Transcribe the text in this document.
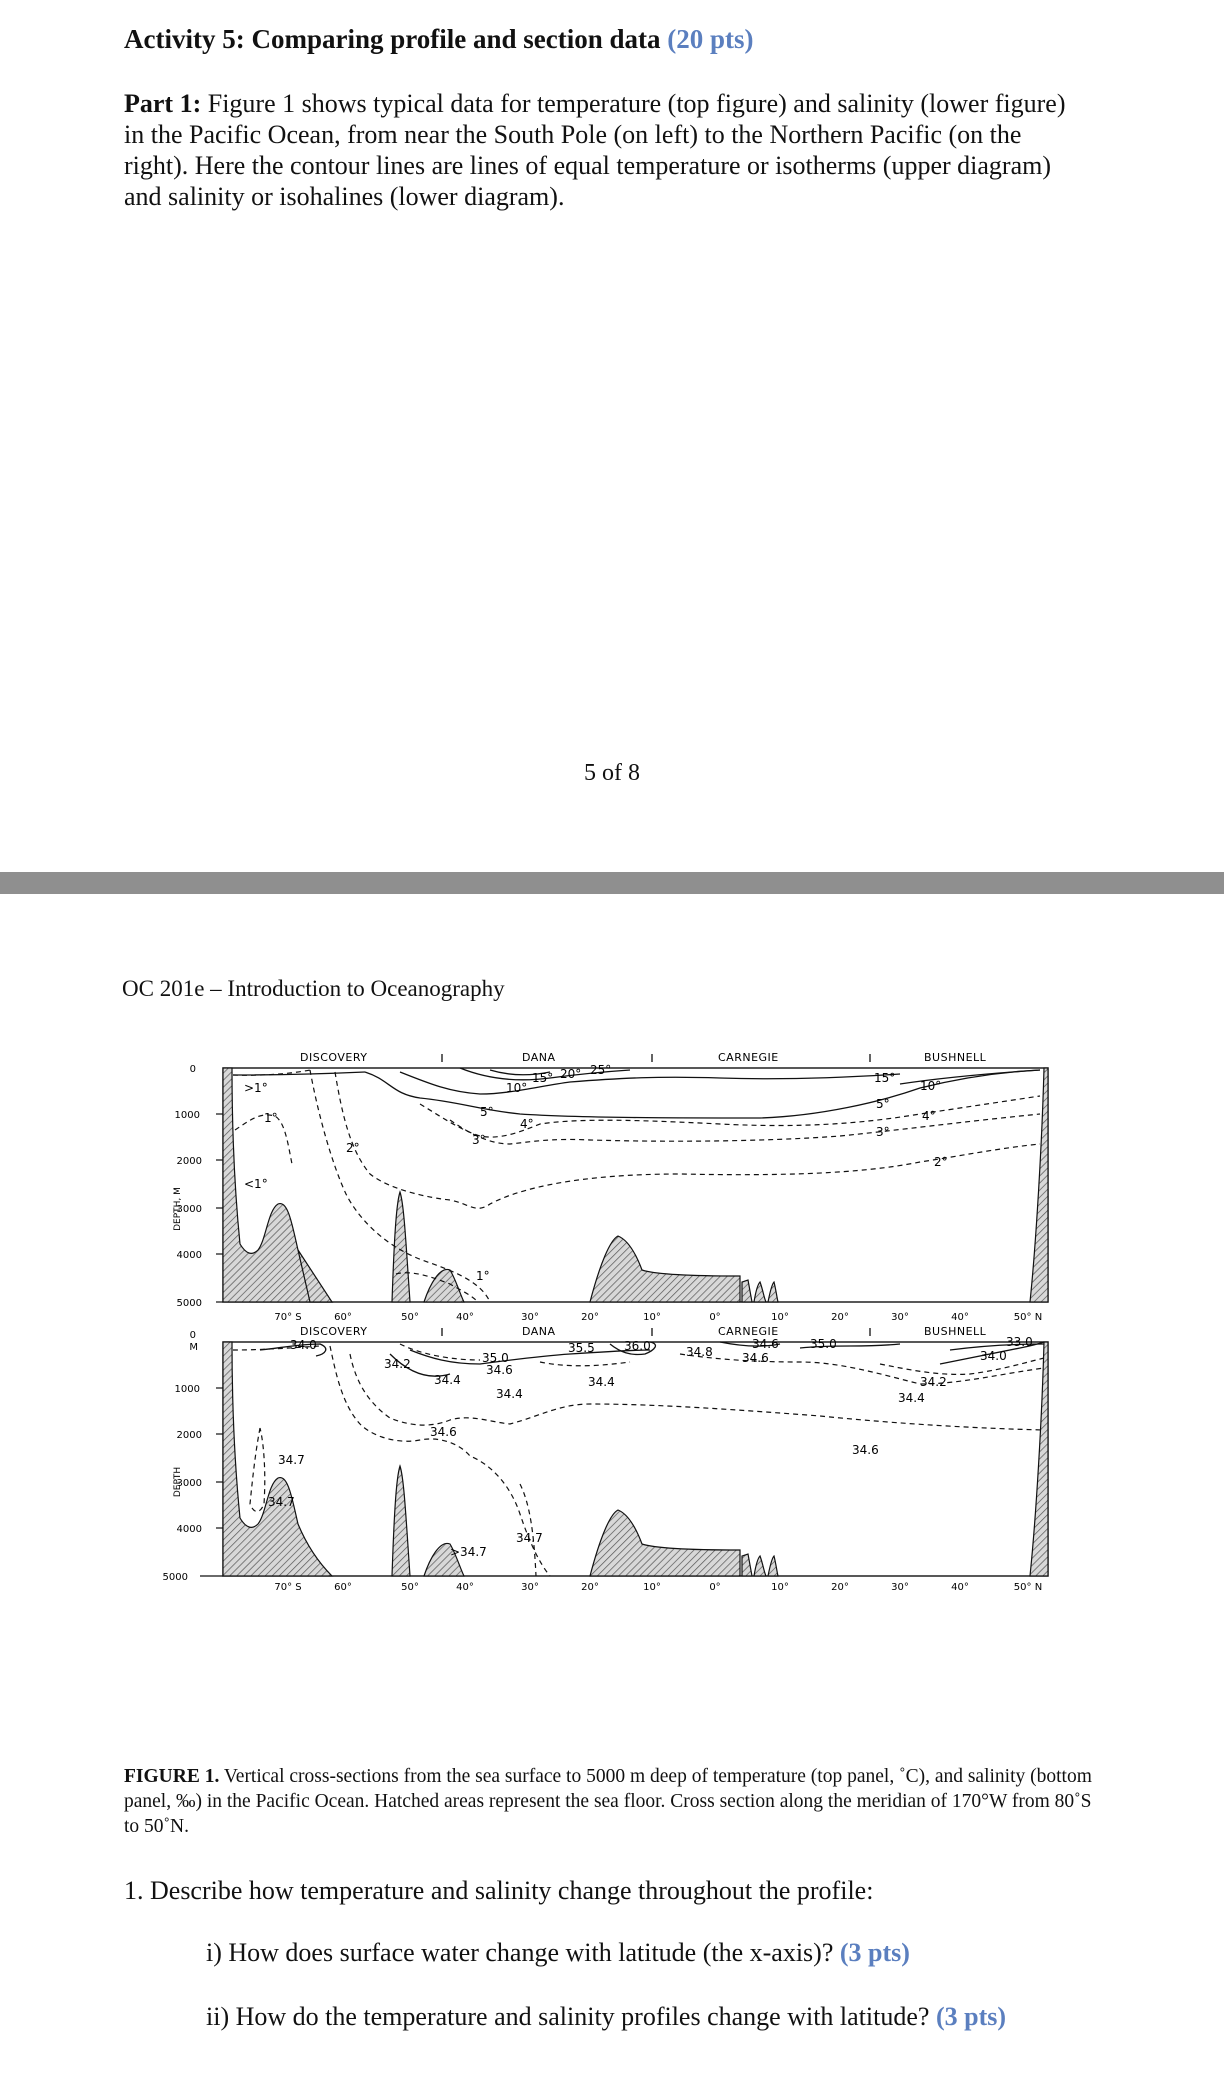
Activity 5: Comparing profile and section data (20 pts)
Part 1: Figure 1 shows typical data for temperature (top figure) and salinity (lower figure) in the Pacific Ocean, from near the South Pole (on left) to the Northern Pacific (on the right). Here the contour lines are lines of equal temperature or isotherms (upper diagram) and salinity or isohalines (lower diagram).
5 of 8
OC 201e – Introduction to Oceanography
DISCOVERY	DANA	CARNEGIE	BUSHNELL
0
1000
2000
3000
4000
5000
DEPTH, M
>1°
1°
<1°
2°
10°
15° 20° 25°
5°
4°
3°
1°
15°
10°
5°
4°
3°
2°
70° S	60°	50°	40°	30°	20°	10°	0°	10°	20°	30°	40°	50° N
DISCOVERY	DANA	CARNEGIE	BUSHNELL
0
M
1000
2000
3000
4000
5000
DEPTH
34.0
34.2
34.4
35.0
34.6
34.4
35.5
34.4
36.0	34.8
34.6
34.6
35.0	33.0
34.0
34.2
34.4
34.6
34.6
34.7
34.7
34.7
>34.7
70° S	60°	50°	40°	30°	20°	10°	0°	10°	20°	30°	40°	50° N
FIGURE 1. Vertical cross-sections from the sea surface to 5000 m deep of temperature (top panel, ˚C), and salinity (bottom panel, ‰) in the Pacific Ocean. Hatched areas represent the sea floor. Cross section along the meridian of 170°W from 80˚S to 50˚N.
1. Describe how temperature and salinity change throughout the profile:
i) How does surface water change with latitude (the x-axis)? (3 pts)
ii) How do the temperature and salinity profiles change with latitude? (3 pts)
